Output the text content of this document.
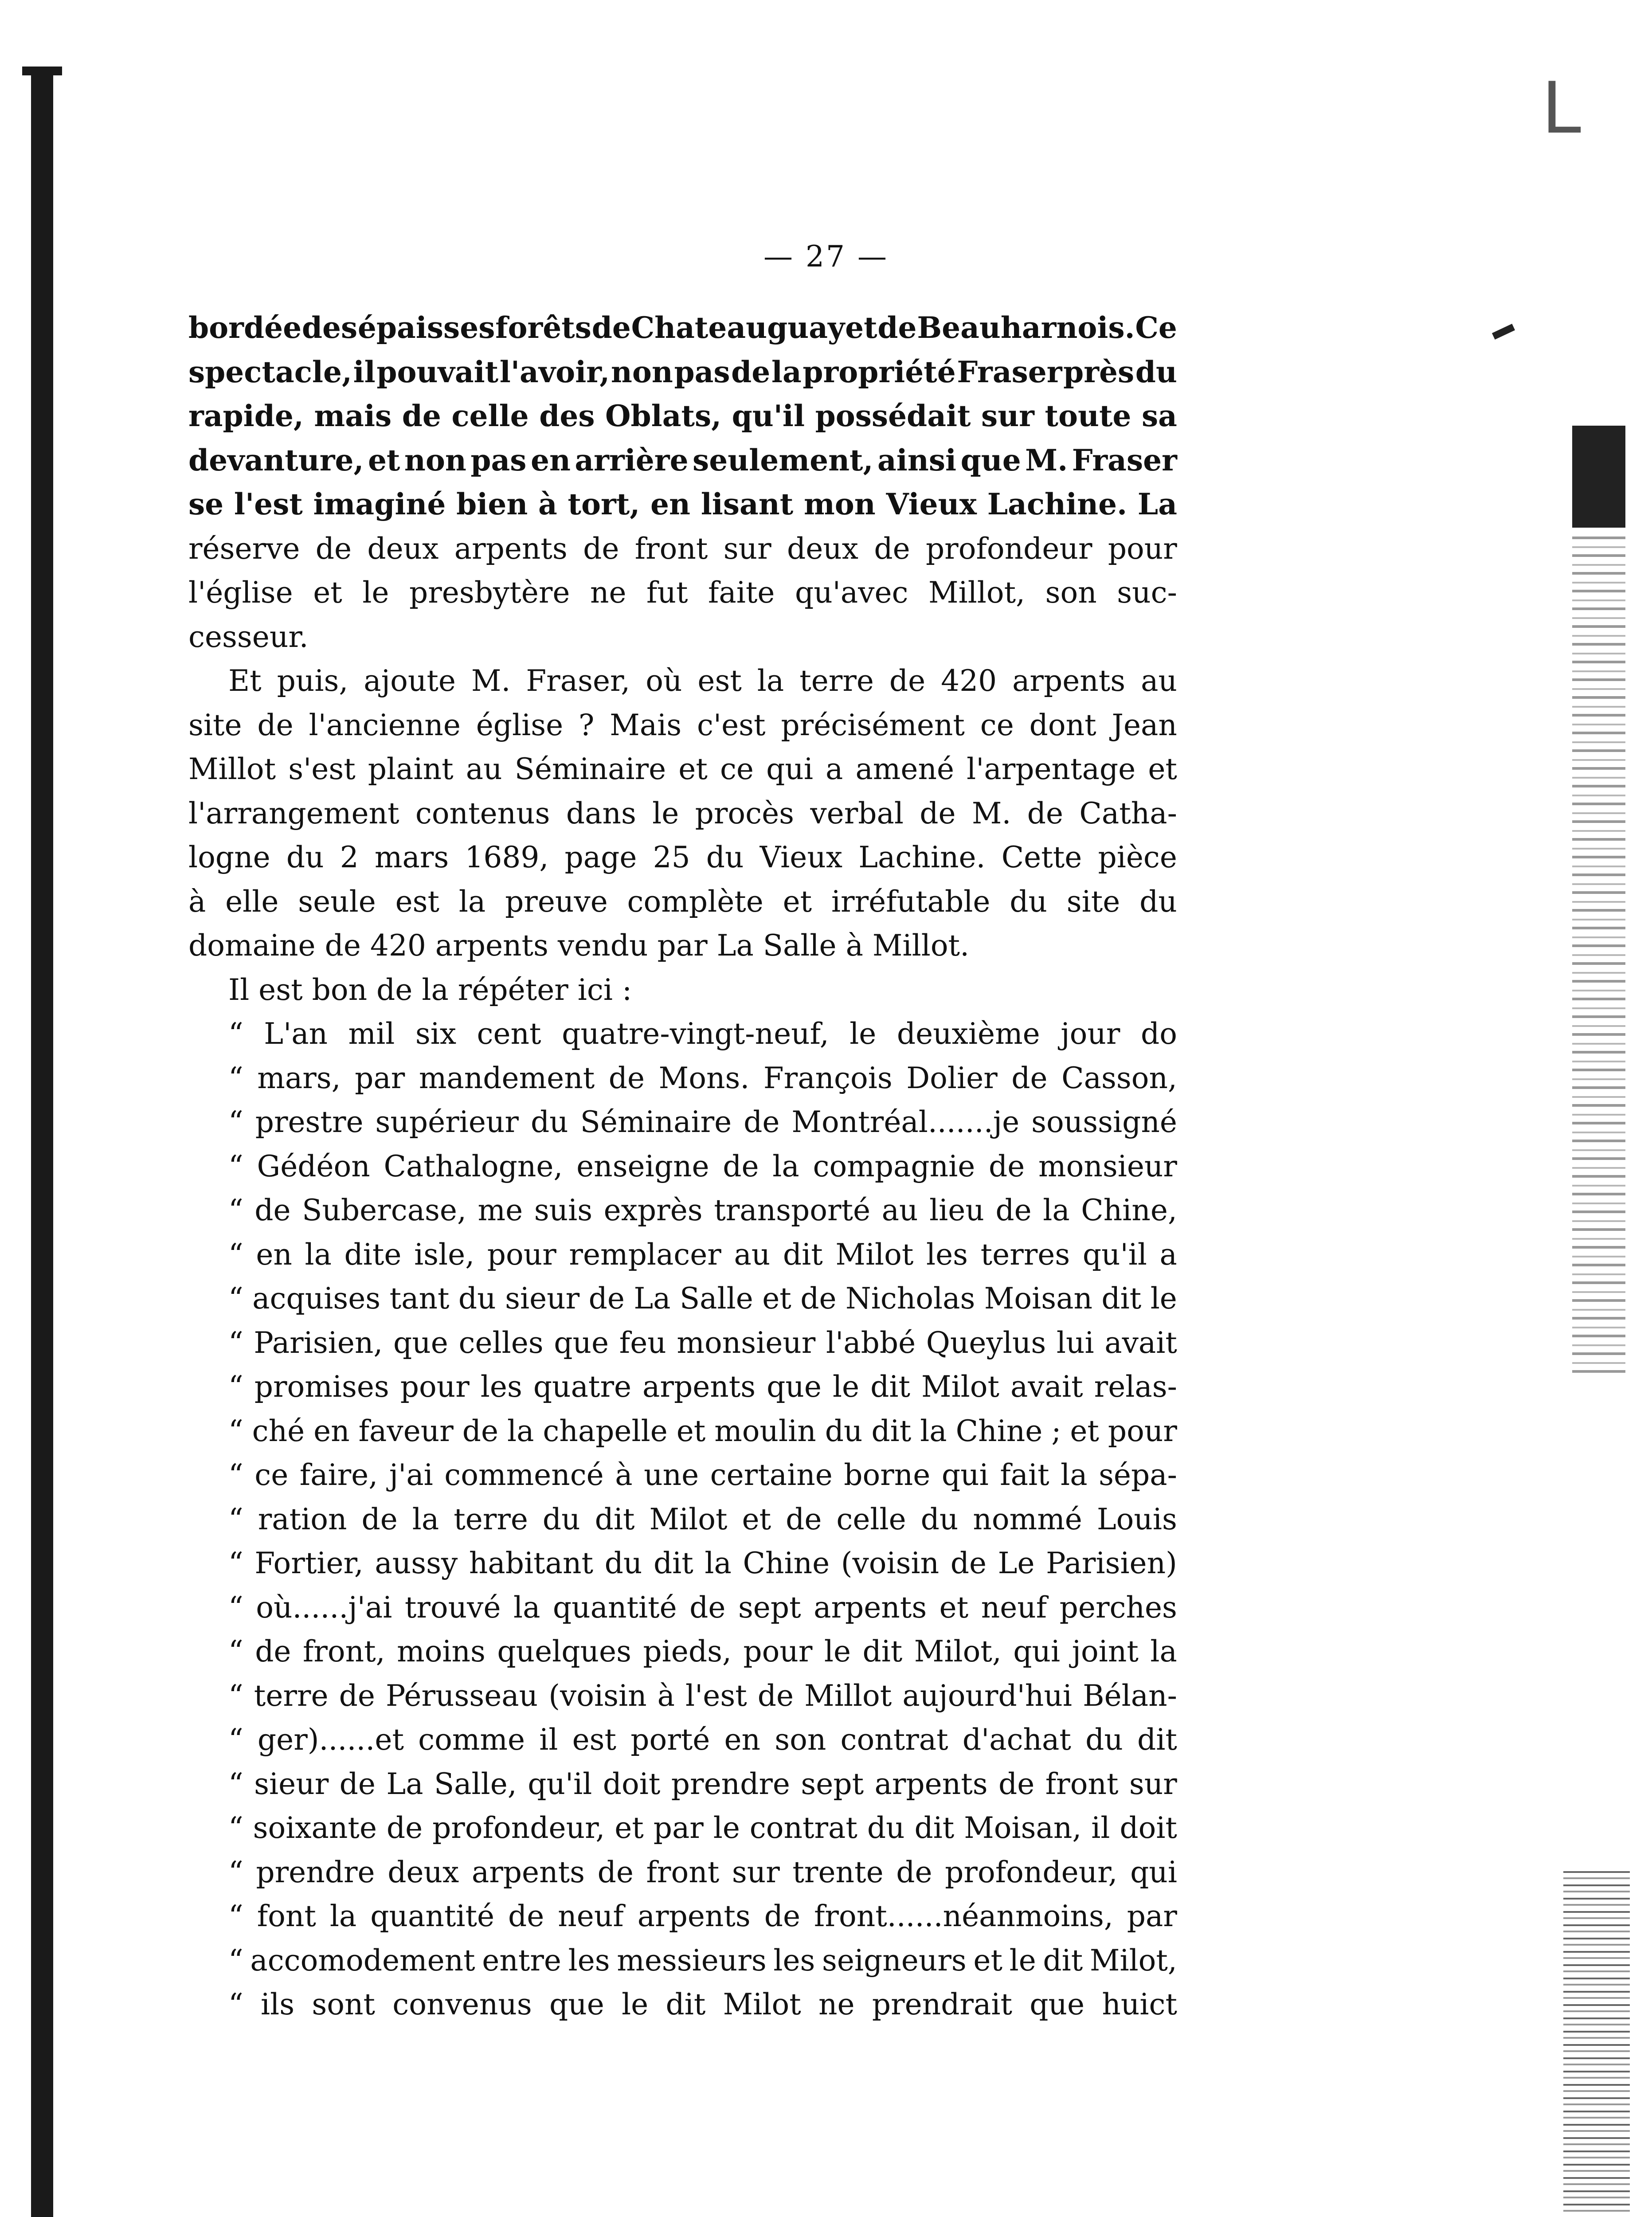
L
— 27 —
bordée des épaisses forêts de Chateauguay et de Beauharnois. Ce
spectacle, il pouvait l'avoir, non pas de la propriété Fraser près du
rapide, mais de celle des Oblats, qu'il possédait sur toute sa
devanture, et non pas en arrière seulement, ainsi que M. Fraser
se l'est imaginé bien à tort, en lisant mon Vieux Lachine. La
réserve de deux arpents de front sur deux de profondeur pour
l'église et le presbytère ne fut faite qu'avec Millot, son suc-
cesseur.
Et puis, ajoute M. Fraser, où est la terre de 420 arpents au
site de l'ancienne église ? Mais c'est précisément ce dont Jean
Millot s'est plaint au Séminaire et ce qui a amené l'arpentage et
l'arrangement contenus dans le procès verbal de M. de Catha-
logne du 2 mars 1689, page 25 du Vieux Lachine. Cette pièce
à elle seule est la preuve complète et irréfutable du site du
domaine de 420 arpents vendu par La Salle à Millot.
Il est bon de la répéter ici :
“ L'an mil six cent quatre-vingt-neuf, le deuxième jour do
“ mars, par mandement de Mons. François Dolier de Casson,
“ prestre supérieur du Séminaire de Montréal.......je soussigné
“ Gédéon Cathalogne, enseigne de la compagnie de monsieur
“ de Subercase, me suis exprès transporté au lieu de la Chine,
“ en la dite isle, pour remplacer au dit Milot les terres qu'il a
“ acquises tant du sieur de La Salle et de Nicholas Moisan dit le
“ Parisien, que celles que feu monsieur l'abbé Queylus lui avait
“ promises pour les quatre arpents que le dit Milot avait relas-
“ ché en faveur de la chapelle et moulin du dit la Chine ; et pour
“ ce faire, j'ai commencé à une certaine borne qui fait la sépa-
“ ration de la terre du dit Milot et de celle du nommé Louis
“ Fortier, aussy habitant du dit la Chine (voisin de Le Parisien)
“ où......j'ai trouvé la quantité de sept arpents et neuf perches
“ de front, moins quelques pieds, pour le dit Milot, qui joint la
“ terre de Pérusseau (voisin à l'est de Millot aujourd'hui Bélan-
“ ger)......et comme il est porté en son contrat d'achat du dit
“ sieur de La Salle, qu'il doit prendre sept arpents de front sur
“ soixante de profondeur, et par le contrat du dit Moisan, il doit
“ prendre deux arpents de front sur trente de profondeur, qui
“ font la quantité de neuf arpents de front......néanmoins, par
“ accomodement entre les messieurs les seigneurs et le dit Milot,
“ ils sont convenus que le dit Milot ne prendrait que huict
